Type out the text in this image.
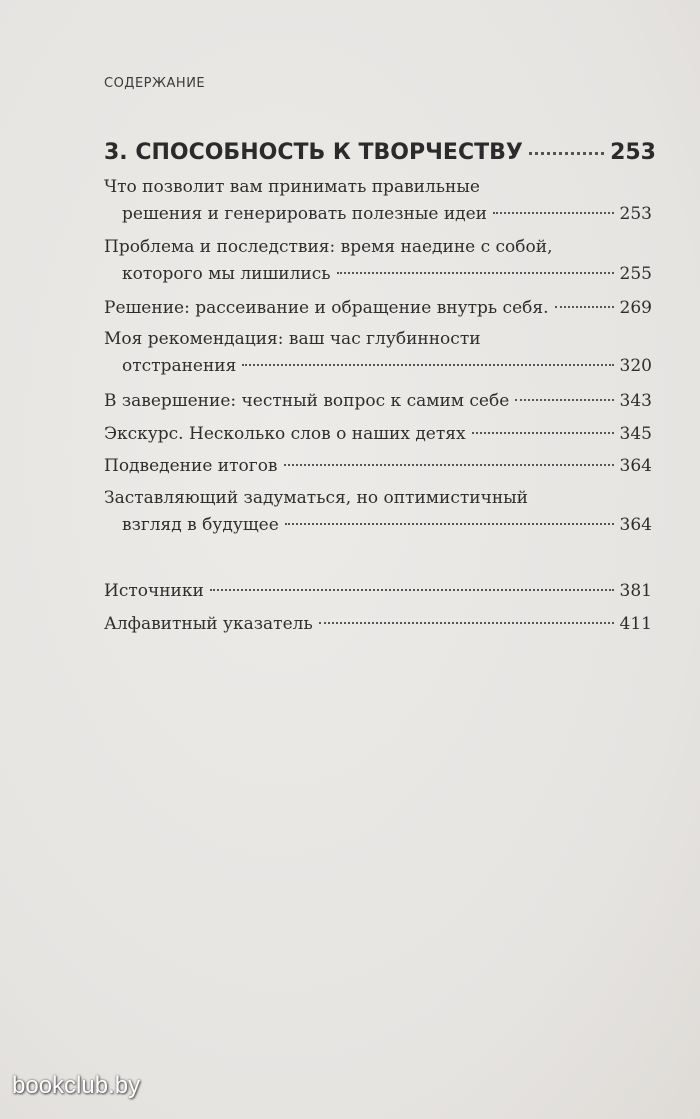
СОДЕРЖАНИЕ
3. СПОСОБНОСТЬ К ТВОРЧЕСТВУ	253
Что позволит вам принимать правильные
решения и генерировать полезные идеи	253
Проблема и последствия: время наедине с собой,
которого мы лишились	255
Решение: рассеивание и обращение внутрь себя.	269
Моя рекомендация: ваш час глубинности
отстранения	320
В завершение: честный вопрос к самим себе	343
Экскурс. Несколько слов о наших детях	345
Подведение итогов	364
Заставляющий задуматься, но оптимистичный
взгляд в будущее	364
Источники	381
Алфавитный указатель	411
bookclub.by
